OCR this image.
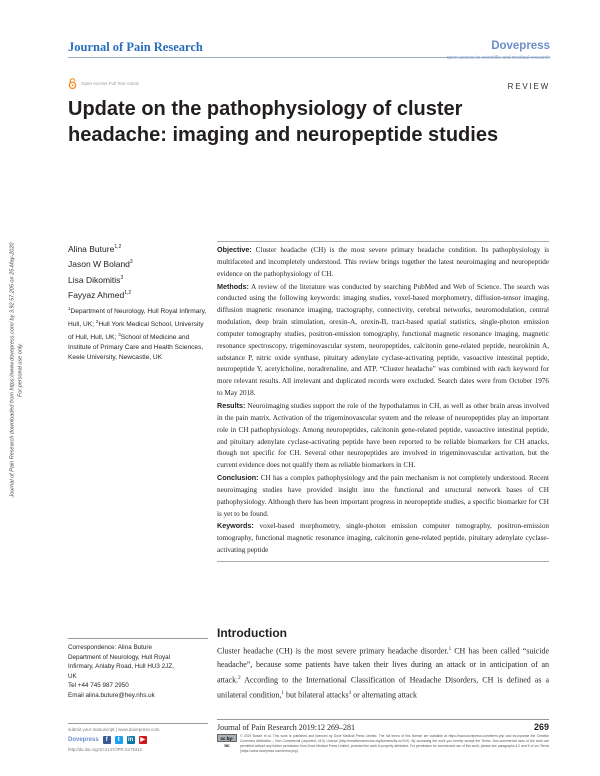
Journal of Pain Research	Dovepress
open access to scientific and medical research
Open Access Full Text Article	REVIEW
Update on the pathophysiology of cluster headache: imaging and neuropeptide studies
Journal of Pain Research downloaded from https://www.dovepress.com/ by 3.92.57.205 on 25-May-2020 For personal use only.
Alina Buture$^{1,2}$
Jason W Boland$^3$
Lisa Dikomitis$^3$
Fayyaz Ahmed$^{1,2}$
$^1$Department of Neurology, Hull Royal Infirmary, Hull, UK; $^2$Hull York Medical School, University of Hull, Hull, UK; $^3$School of Medicine and Institute of Primary Care and Health Sciences, Keele University, Newcastle, UK
Correspondence: Alina Buture
Department of Neurology, Hull Royal
Infirmary, Anlaby Road, Hull HU3 2JZ,
UK
Tel +44 745 987 2950
Email alina.buture@hey.nhs.uk

Objective: Cluster headache (CH) is the most severe primary headache condition. Its pathophysiology is multifaceted and incompletely understood. This review brings together the latest neuroimaging and neuropeptide evidence on the pathophysiology of CH.

Methods: A review of the literature was conducted by searching PubMed and Web of Science. The search was conducted using the following keywords: imaging studies, voxel-based morphometry, diffusion-tensor imaging, diffusion magnetic resonance imaging, tractography, connectivity, cerebral networks, neuromodulation, central modulation, deep brain stimulation, orexin-A, orexin-B, tract-based spatial statistics, single-photon emission computer tomography studies, positron-emission tomography, functional magnetic resonance imaging, magnetic resonance spectroscopy, trigeminovascular system, neuropeptides, calcitonin gene-related peptide, neurokinin A, substance P, nitric oxide synthase, pituitary adenylate cyclase-activating peptide, vasoactive intestinal peptide, neuropeptide Y, acetylcholine, noradrenaline, and ATP. “Cluster headache” was combined with each keyword for more relevant results. All irrelevant and duplicated records were excluded. Search dates were from October 1976 to May 2018.

Results: Neuroimaging studies support the role of the hypothalamus in CH, as well as other brain areas involved in the pain matrix. Activation of the trigeminovascular system and the release of neuropeptides play an important role in CH pathophysiology. Among neuropeptides, calcitonin gene-related peptide, vasoactive intestinal peptide, and pituitary adenylate cyclase-activating peptide have been reported to be reliable biomarkers for CH attacks, though not specific for CH. Several other neuropeptides are involved in trigeminovascular activation, but the current evidence does not qualify them as reliable biomarkers in CH.

Conclusion: CH has a complex pathophysiology and the pain mechanism is not completely understood. Recent neuroimaging studies have provided insight into the functional and structural network bases of CH pathophysiology. Although there has been important progress in neuropeptide studies, a specific biomarker for CH is yet to be found.

Keywords: voxel-based morphometry, single-photon emission computer tomography, positron-emission tomography, functional magnetic resonance imaging, calcitonin gene-related peptide, pituitary adenylate cyclase-activating peptide

Introduction

Cluster headache (CH) is the most severe primary headache disorder.$^1$ CH has been called “suicide headache”, because some patients have taken their lives during an attack or in anticipation of an attack.$^2$ According to the International Classification of Headache Disorders, CH is defined as a unilateral condition,$^1$ but bilateral attacks$^3$ or alternating attack

submit your manuscript | www.dovepress.com
Dovepress	f	t	in ▶
http://dx.doi.org/10.2147/JPR.S175312
Journal of Pain Research 2019:12 269–281	269
cc by-nc
© 2019 Buture et al. This work is published and licensed by Dove Medical Press Limited. The full terms of this license are available at https://www.dovepress.com/terms.php and incorporate the Creative Commons Attribution – Non Commercial (unported, v3.0) License (http://creativecommons.org/licenses/by-nc/3.0/). By accessing the work you hereby accept the Terms. Non-commercial uses of the work are permitted without any further permission from Dove Medical Press Limited, provided the work is properly attributed. For permission for commercial use of this work, please see paragraphs 4.2 and 5 of our Terms (https://www.dovepress.com/terms.php).
